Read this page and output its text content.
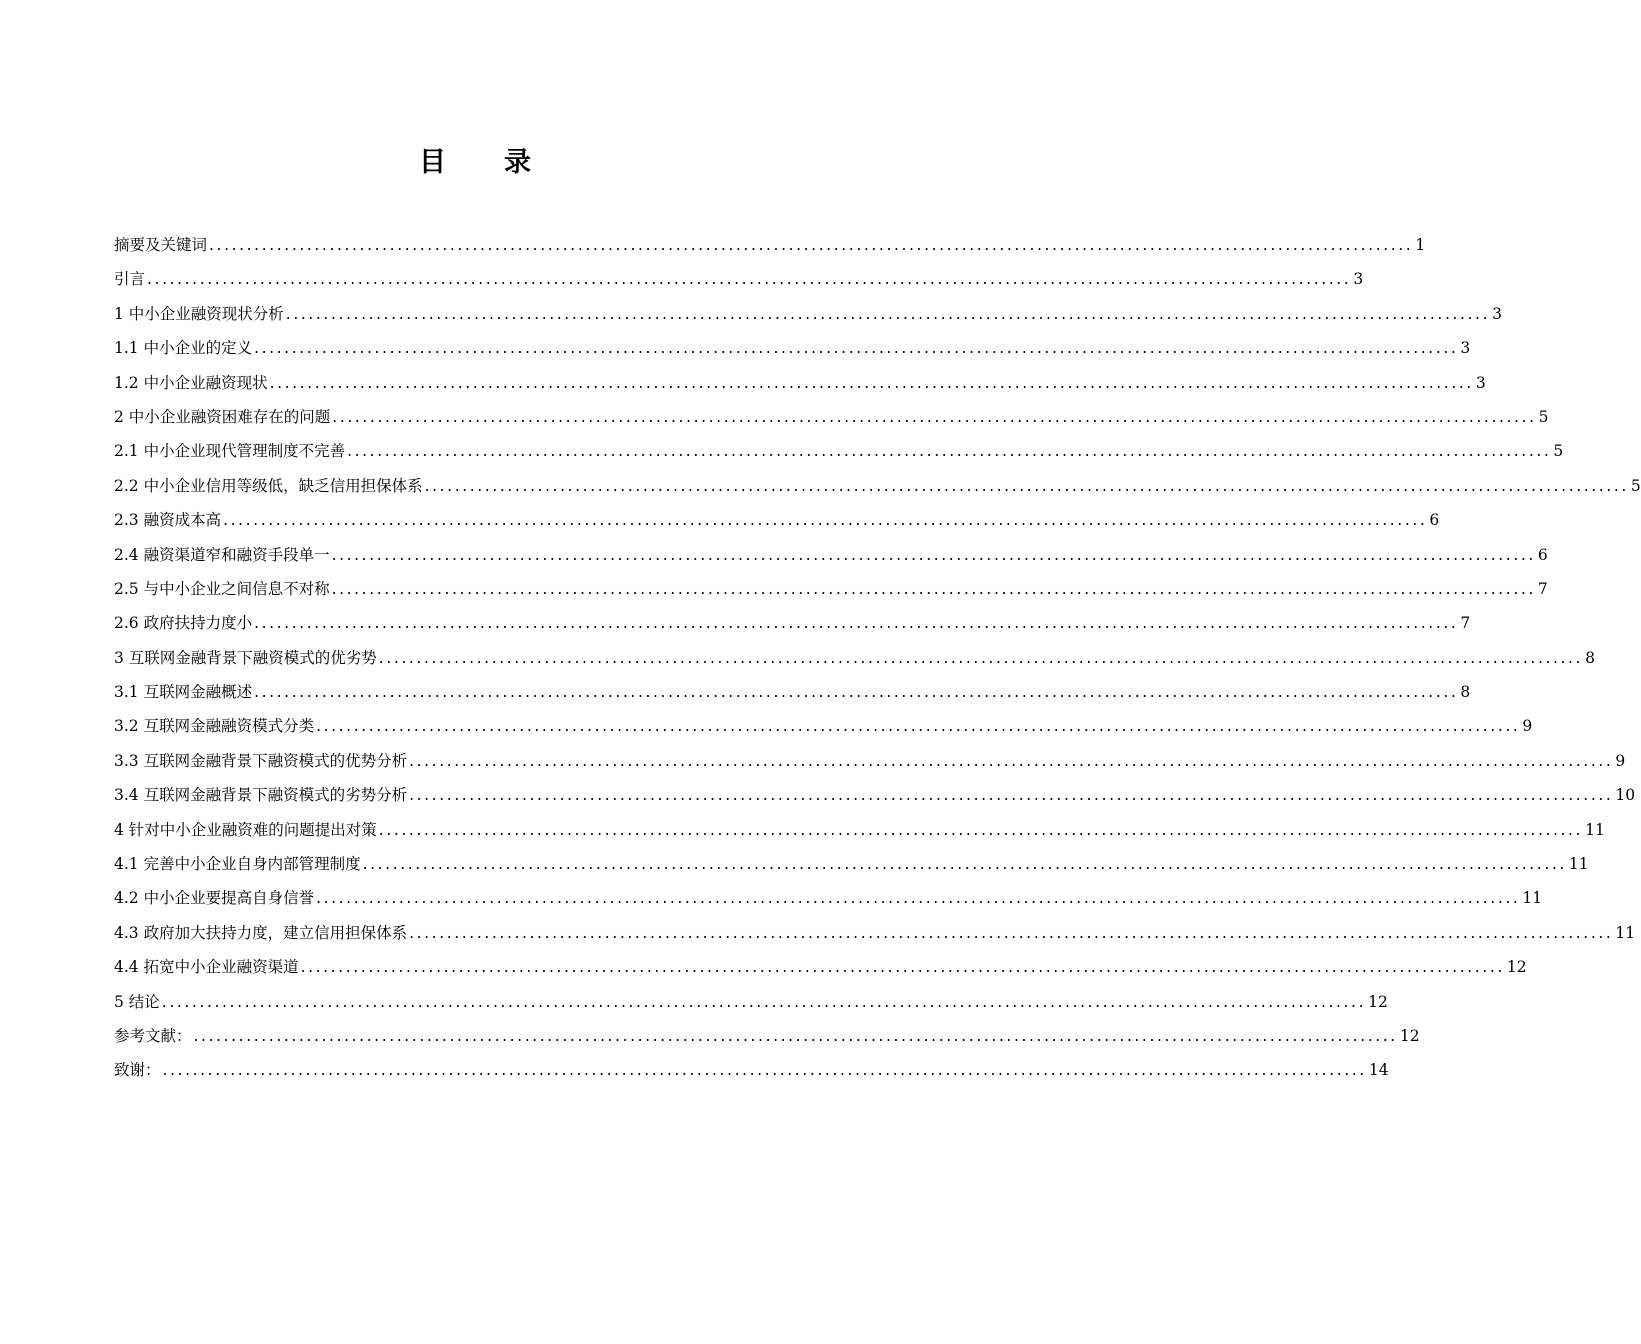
目 录
摘要及关键词 ................................................................................................................................................................ 1
引言 ................................................................................................................................................................ 3
1 中小企业融资现状分析 ................................................................................................................................................................ 3
1.1 中小企业的定义 ................................................................................................................................................................ 3
1.2 中小企业融资现状 ................................................................................................................................................................ 3
2 中小企业融资困难存在的问题 ................................................................................................................................................................ 5
2.1 中小企业现代管理制度不完善 ................................................................................................................................................................ 5
2.2 中小企业信用等级低，缺乏信用担保体系 ................................................................................................................................................................ 5
2.3 融资成本高 ................................................................................................................................................................ 6
2.4 融资渠道窄和融资手段单一 ................................................................................................................................................................ 6
2.5 与中小企业之间信息不对称 ................................................................................................................................................................ 7
2.6 政府扶持力度小 ................................................................................................................................................................ 7
3 互联网金融背景下融资模式的优劣势 ................................................................................................................................................................ 8
3.1 互联网金融概述 ................................................................................................................................................................ 8
3.2 互联网金融融资模式分类 ................................................................................................................................................................ 9
3.3 互联网金融背景下融资模式的优势分析 ................................................................................................................................................................ 9
3.4 互联网金融背景下融资模式的劣势分析 ................................................................................................................................................................ 10
4 针对中小企业融资难的问题提出对策 ................................................................................................................................................................ 11
4.1 完善中小企业自身内部管理制度 ................................................................................................................................................................ 11
4.2 中小企业要提高自身信誉 ................................................................................................................................................................ 11
4.3 政府加大扶持力度，建立信用担保体系 ................................................................................................................................................................ 11
4.4 拓宽中小企业融资渠道 ................................................................................................................................................................ 12
5 结论 ................................................................................................................................................................ 12
参考文献： ................................................................................................................................................................ 12
致谢： ................................................................................................................................................................ 14
